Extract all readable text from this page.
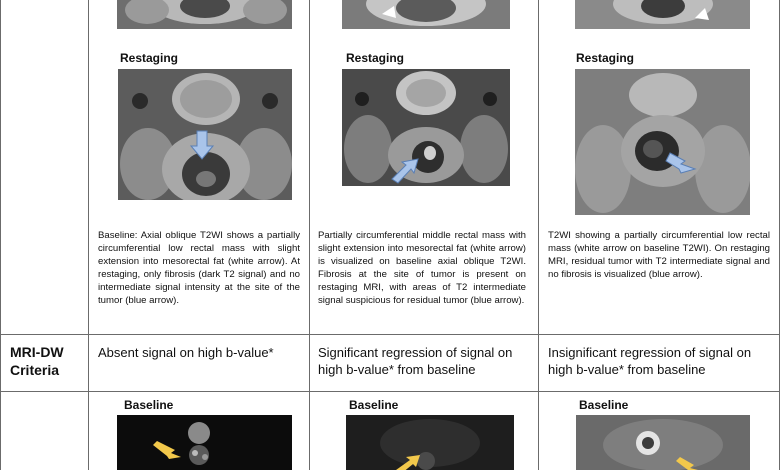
Restaging
Baseline: Axial oblique T2WI shows a partially circumferential low rectal mass with slight extension into mesorectal fat (white arrow). At restaging, only fibrosis (dark T2 signal) and no intermediate signal intensity at the site of the tumor (blue arrow).
MRI-DW Criteria
Absent signal on high b-value*
Baseline
Restaging
Partially circumferential middle rectal mass with slight extension into mesorectal fat (white arrow) is visualized on baseline axial oblique T2WI. Fibrosis at the site of tumor is present on restaging MRI, with areas of T2 intermediate signal suspicious for residual tumor (blue arrow).
Significant regression of signal on high b-value* from baseline
Baseline
Restaging
T2WI showing a partially circumferential low rectal mass (white arrow on baseline T2WI). On restaging MRI, residual tumor with T2 intermediate signal and no fibrosis is visualized (blue arrow).
Insignificant regression of signal on high b-value* from baseline
Baseline
